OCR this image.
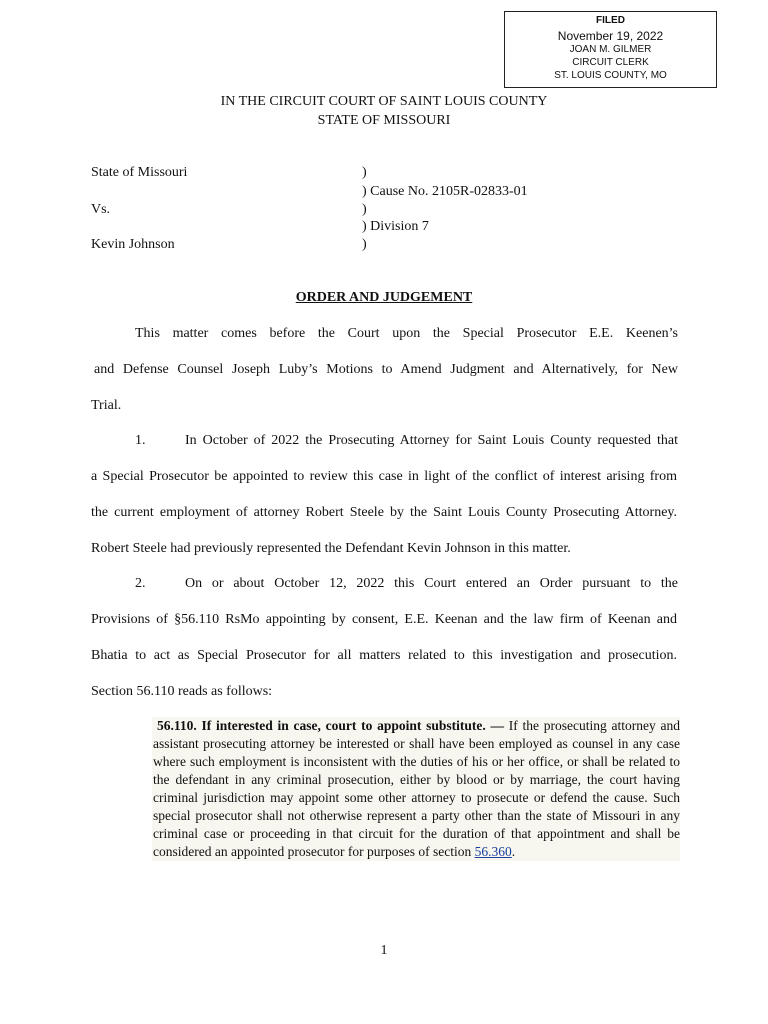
FILED
November 19, 2022
JOAN M. GILMER
CIRCUIT CLERK
ST. LOUIS COUNTY, MO
IN THE CIRCUIT COURT OF SAINT LOUIS COUNTY
STATE OF MISSOURI
State of Missouri
Vs.
Kevin Johnson
)
) Cause No. 2105R-02833-01
)
) Division 7
)
ORDER AND JUDGEMENT
This matter comes before the Court upon the Special Prosecutor E.E. Keenen’s
and Defense Counsel Joseph Luby’s Motions to Amend Judgment and Alternatively, for New
Trial.
1.	In October of 2022 the Prosecuting Attorney for Saint Louis County requested that
a Special Prosecutor be appointed to review this case in light of the conflict of interest arising from
the current employment of attorney Robert Steele by the Saint Louis County Prosecuting Attorney.
Robert Steele had previously represented the Defendant Kevin Johnson in this matter.
2.	On or about October 12, 2022 this Court entered an Order pursuant to the
Provisions of §56.110 RsMo appointing by consent, E.E. Keenan and the law firm of Keenan and
Bhatia to act as Special Prosecutor for all matters related to this investigation and prosecution.
Section 56.110 reads as follows:
56.110. If interested in case, court to appoint substitute. — If the prosecuting attorney and assistant prosecuting attorney be interested or shall have been employed as counsel in any case where such employment is inconsistent with the duties of his or her office, or shall be related to the defendant in any criminal prosecution, either by blood or by marriage, the court having criminal jurisdiction may appoint some other attorney to prosecute or defend the cause. Such special prosecutor shall not otherwise represent a party other than the state of Missouri in any criminal case or proceeding in that circuit for the duration of that appointment and shall be considered an appointed prosecutor for purposes of section 56.360.
1
